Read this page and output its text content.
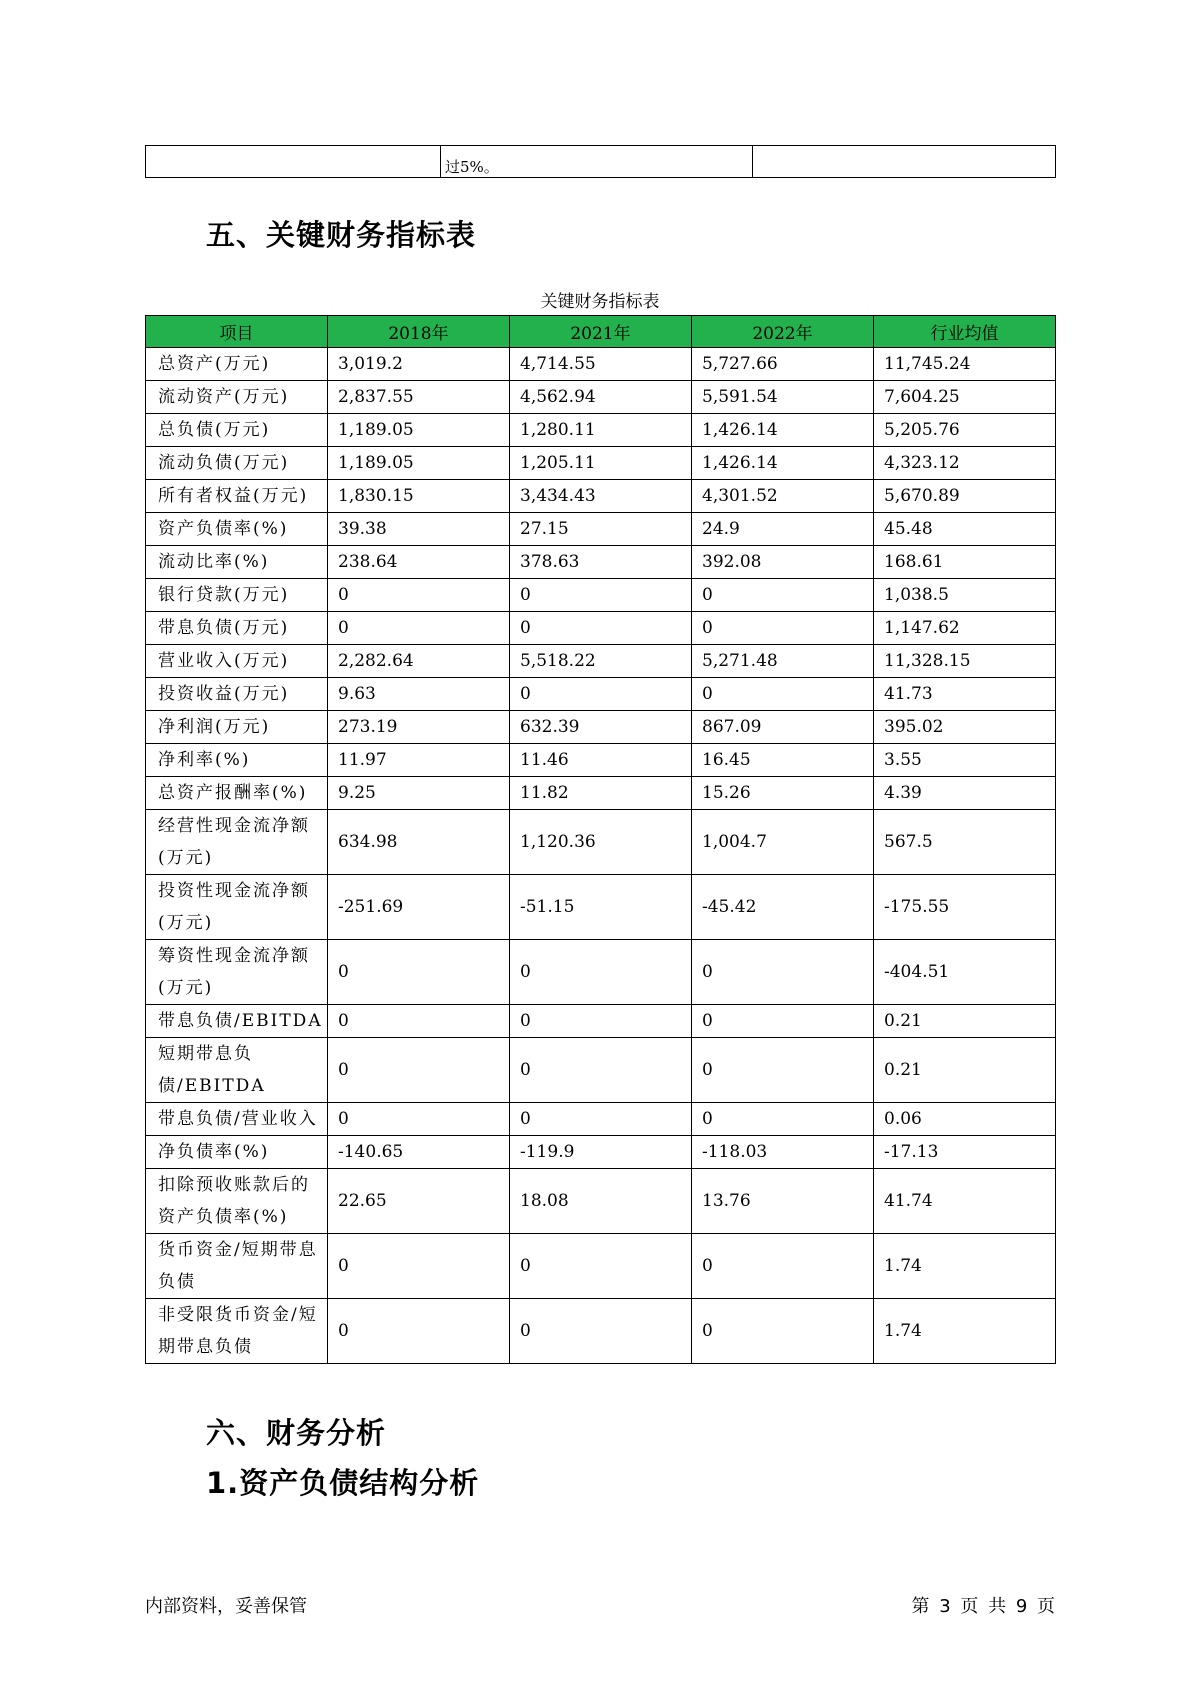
	过5%。	
五、关键财务指标表
关键财务指标表
项目	2018年	2021年	2022年	行业均值
总资产(万元)	3,019.2	4,714.55	5,727.66	11,745.24
流动资产(万元)	2,837.55	4,562.94	5,591.54	7,604.25
总负债(万元)	1,189.05	1,280.11	1,426.14	5,205.76
流动负债(万元)	1,189.05	1,205.11	1,426.14	4,323.12
所有者权益(万元)	1,830.15	3,434.43	4,301.52	5,670.89
资产负债率(%)	39.38	27.15	24.9	45.48
流动比率(%)	238.64	378.63	392.08	168.61
银行贷款(万元)	0	0	0	1,038.5
带息负债(万元)	0	0	0	1,147.62
营业收入(万元)	2,282.64	5,518.22	5,271.48	11,328.15
投资收益(万元)	9.63	0	0	41.73
净利润(万元)	273.19	632.39	867.09	395.02
净利率(%)	11.97	11.46	16.45	3.55
总资产报酬率(%)	9.25	11.82	15.26	4.39
经营性现金流净额(万元)	634.98	1,120.36	1,004.7	567.5
投资性现金流净额(万元)	-251.69	-51.15	-45.42	-175.55
筹资性现金流净额(万元)	0	0	0	-404.51
带息负债/EBITDA	0	0	0	0.21
短期带息负债/EBITDA	0	0	0	0.21
带息负债/营业收入	0	0	0	0.06
净负债率(%)	-140.65	-119.9	-118.03	-17.13
扣除预收账款后的资产负债率(%)	22.65	18.08	13.76	41.74
货币资金/短期带息负债	0	0	0	1.74
非受限货币资金/短期带息负债	0	0	0	1.74
六、财务分析
1.资产负债结构分析
内部资料，妥善保管	第 3 页 共 9 页
